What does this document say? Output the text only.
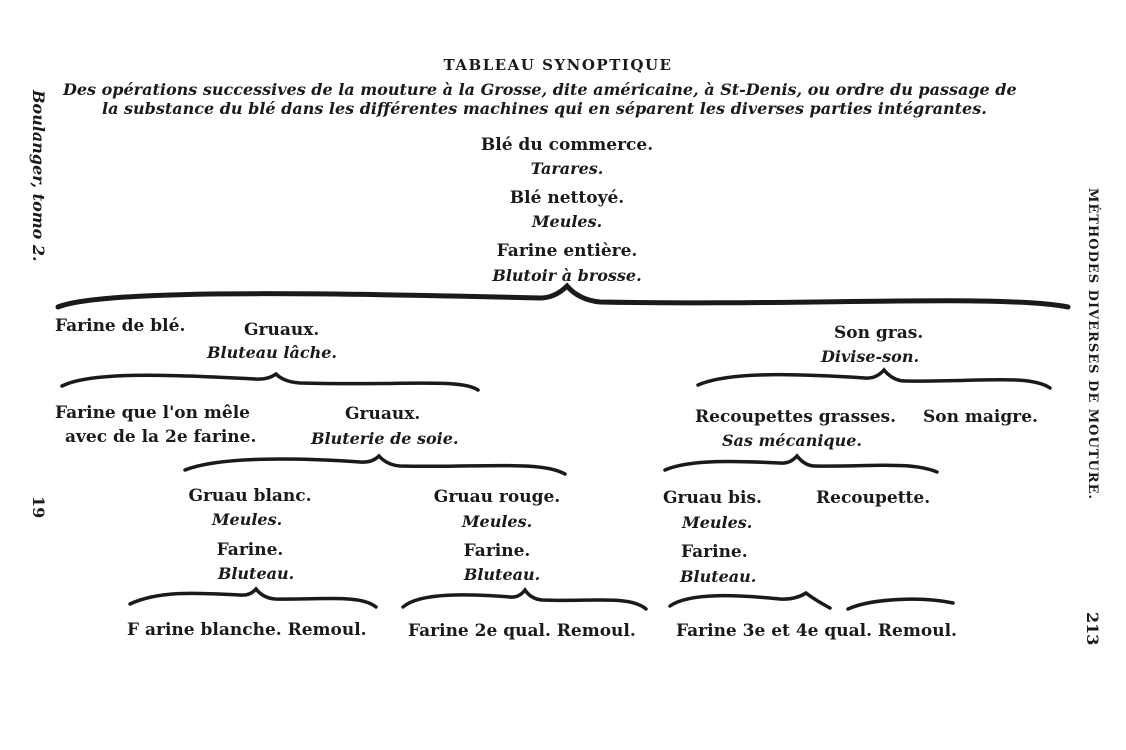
Boulanger, tomo 2.
19
MÉTHODES DIVERSES DE MOUTURE.
213
TABLEAU SYNOPTIQUE
Des opérations successives de la mouture à la Grosse, dite américaine, à St-Denis, ou ordre du passage de
la substance du blé dans les différentes machines qui en séparent les diverses parties intégrantes.
Blé du commerce.
Tarares.
Blé nettoyé.
Meules.
Farine entière.
Blutoir à brosse.
Farine de blé.	Gruaux.
Bluteau lâche.
Son gras.
Divise-son.
Farine que l'on mêle
avec de la 2e farine.
Gruaux.
Bluterie de soie.
Recoupettes grasses. Son maigre.
Sas mécanique.
Gruau blanc.
Meules.
Farine.
Bluteau.
Gruau rouge.
Meules.
Farine.
Bluteau.
Gruau bis.
Meules.
Farine.
Bluteau.
Recoupette.
F arine blanche. Remoul. Farine 2e qual. Remoul. Farine 3e et 4e qual. Remoul.
